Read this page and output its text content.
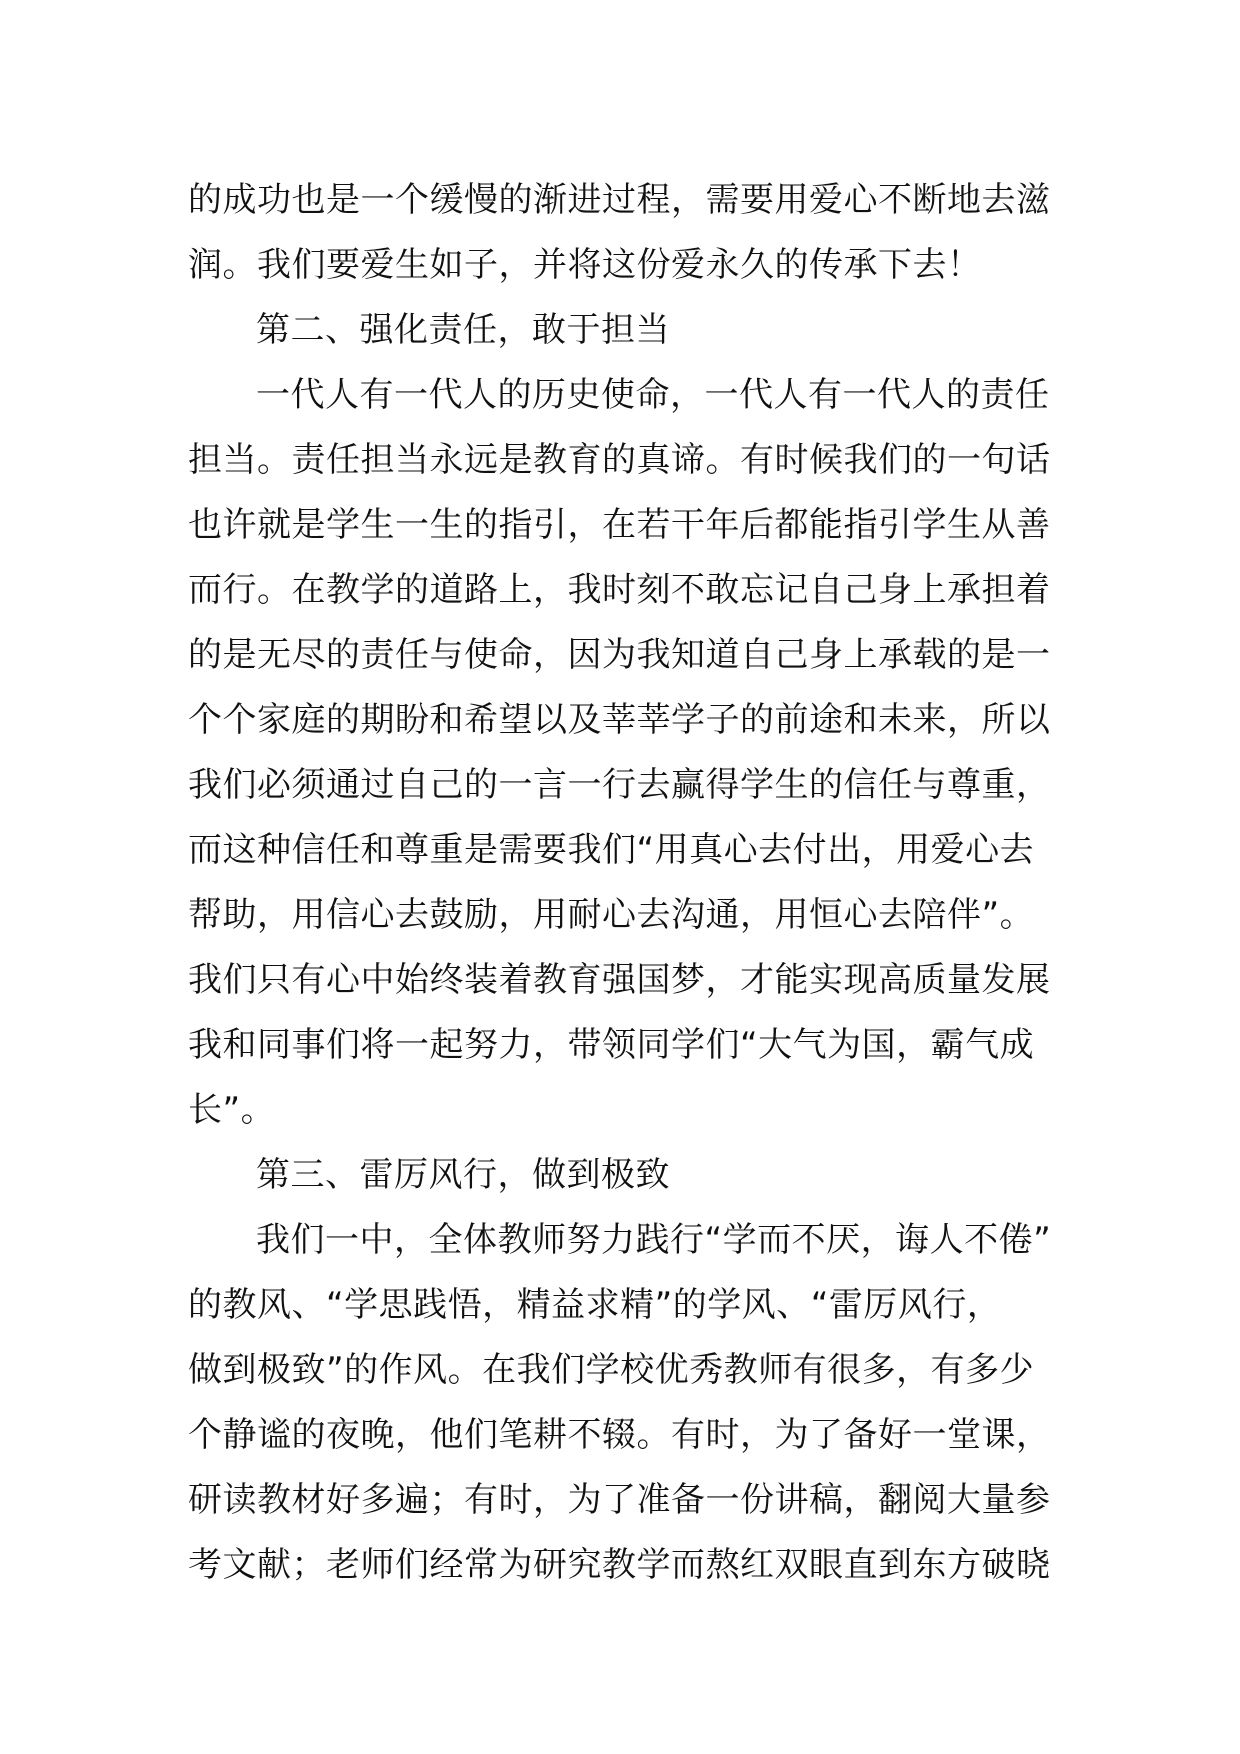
的成功也是一个缓慢的渐进过程，需要用爱心不断地去滋
润。我们要爱生如子，并将这份爱永久的传承下去！
第二、强化责任，敢于担当
一代人有一代人的历史使命，一代人有一代人的责任
担当。责任担当永远是教育的真谛。有时候我们的一句话
也许就是学生一生的指引，在若干年后都能指引学生从善
而行。在教学的道路上，我时刻不敢忘记自己身上承担着
的是无尽的责任与使命，因为我知道自己身上承载的是一
个个家庭的期盼和希望以及莘莘学子的前途和未来，所以
我们必须通过自己的一言一行去赢得学生的信任与尊重，
而这种信任和尊重是需要我们“用真心去付出，用爱心去
帮助，用信心去鼓励，用耐心去沟通，用恒心去陪伴”。
我们只有心中始终装着教育强国梦，才能实现高质量发展
我和同事们将一起努力，带领同学们“大气为国，霸气成
长”。
第三、雷厉风行，做到极致
我们一中，全体教师努力践行“学而不厌，诲人不倦”
的教风、“学思践悟，精益求精”的学风、“雷厉风行，
做到极致”的作风。在我们学校优秀教师有很多，有多少
个静谧的夜晚，他们笔耕不辍。有时，为了备好一堂课，
研读教材好多遍；有时，为了准备一份讲稿，翻阅大量参
考文献；老师们经常为研究教学而熬红双眼直到东方破晓
